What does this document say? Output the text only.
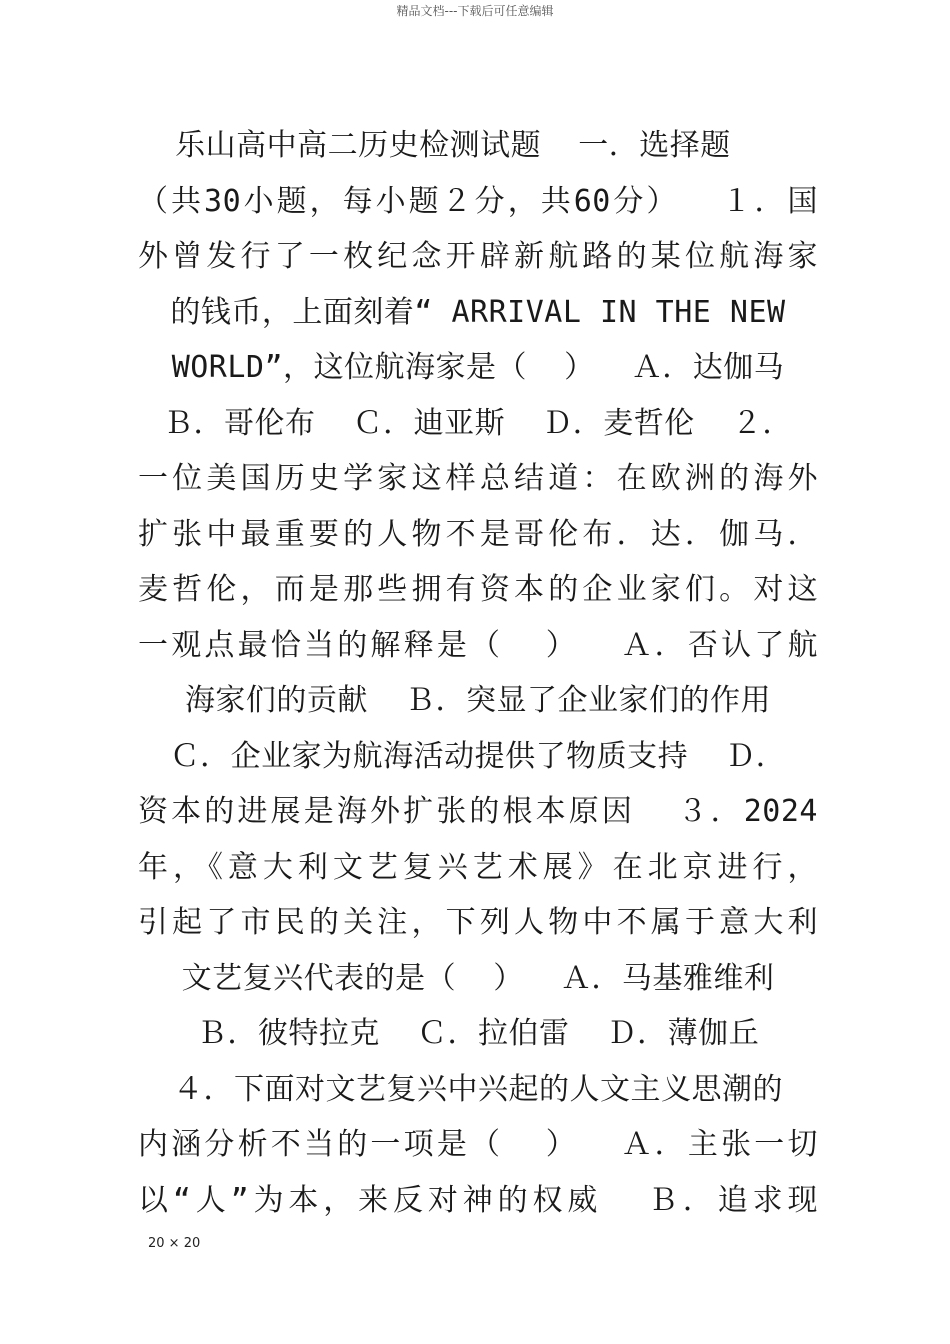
精品文档---下载后可任意编辑
乐山高中高二历史检测试题  一．选择题
（共30小题，每小题２分，共60分）  １．国
外曾发行了一枚纪念开辟新航路的某位航海家
的钱币，上面刻着“ ARRIVAL IN THE NEW
WORLD”，这位航海家是（  ）  Ａ．达伽马
Ｂ．哥伦布  Ｃ．迪亚斯  Ｄ．麦哲伦  ２．
一位美国历史学家这样总结道：在欧洲的海外
扩张中最重要的人物不是哥伦布．达．伽马．
麦哲伦，而是那些拥有资本的企业家们。对这
一观点最恰当的解释是（  ）  Ａ．否认了航
海家们的贡献  Ｂ．突显了企业家们的作用
Ｃ．企业家为航海活动提供了物质支持  Ｄ．
资本的进展是海外扩张的根本原因  ３．2024
年，《意大利文艺复兴艺术展》在北京进行，
引起了市民的关注，下列人物中不属于意大利
文艺复兴代表的是（  ）  Ａ．马基雅维利
Ｂ．彼特拉克  Ｃ．拉伯雷  Ｄ．薄伽丘
４．下面对文艺复兴中兴起的人文主义思潮的
内涵分析不当的一项是（  ）  Ａ．主张一切
以“人”为本，来反对神的权威  Ｂ．追求现
20 × 20
